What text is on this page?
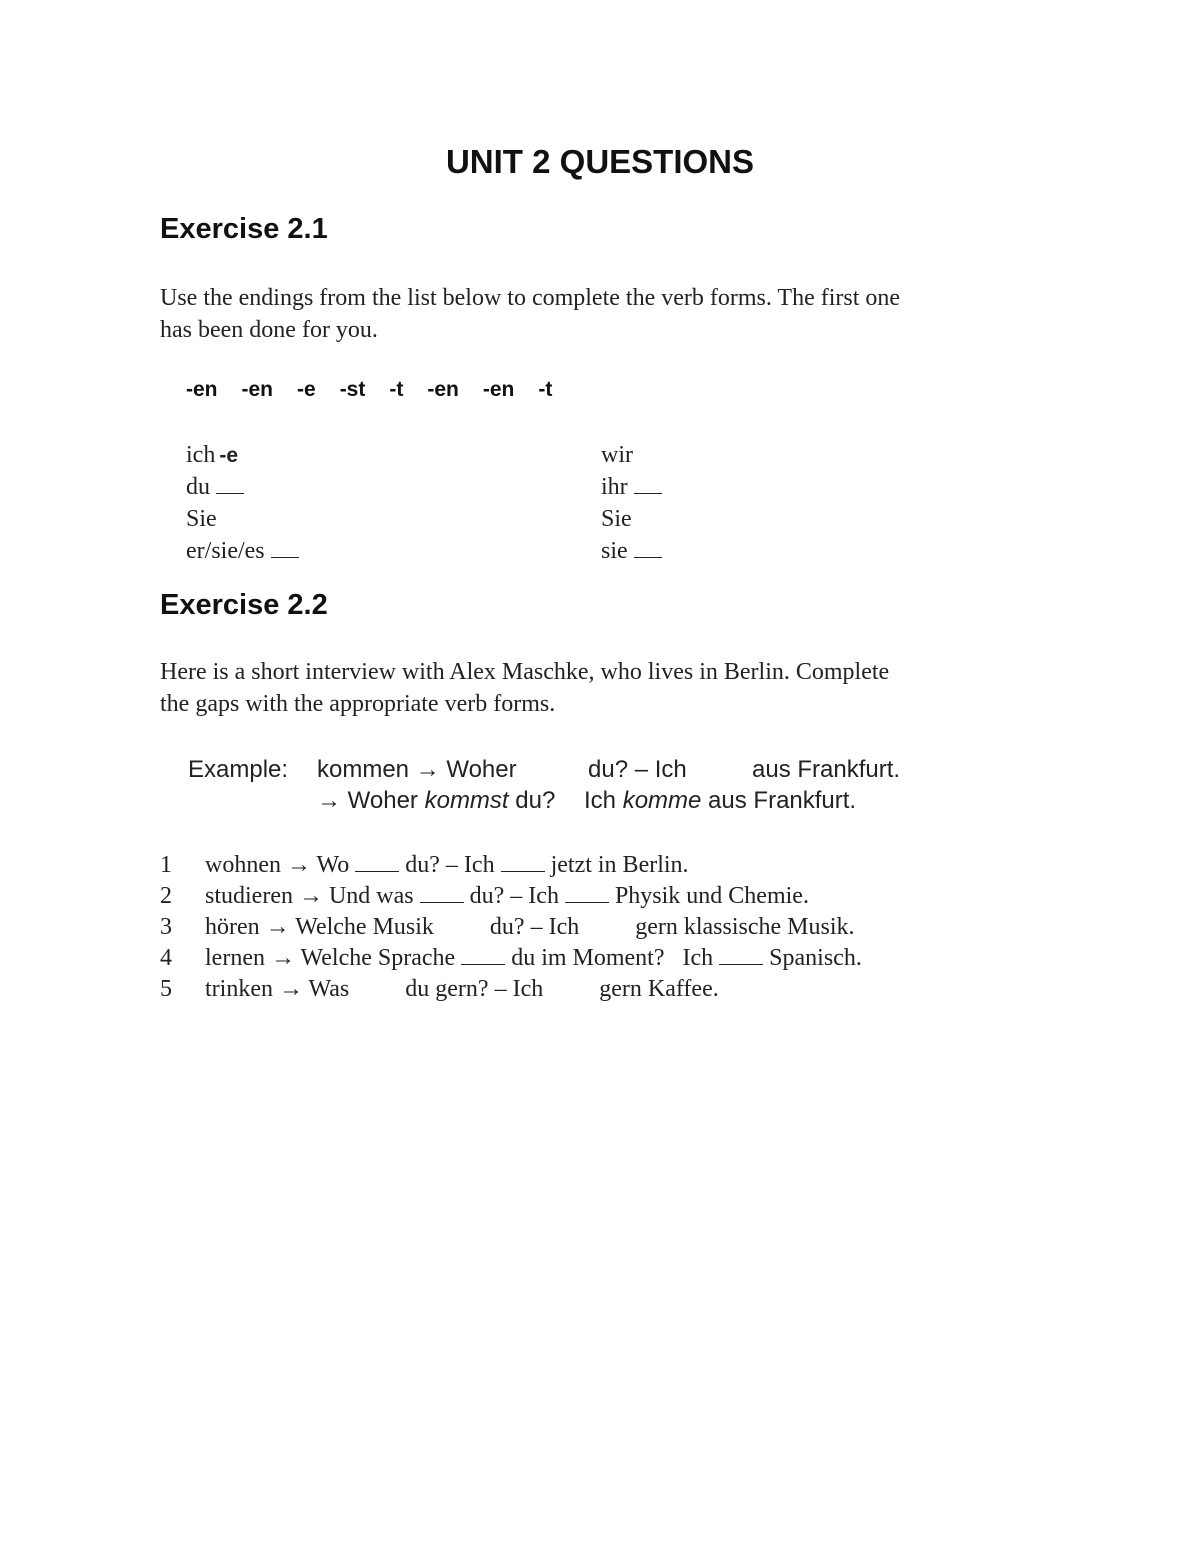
UNIT 2 QUESTIONS
Exercise 2.1
Use the endings from the list below to complete the verb forms. The first one
has been done for you.
-en -en -e -st -t -en -en -t
ich -e
du
Sie
er/sie/es
wir
ihr
Sie
sie
Exercise 2.2
Here is a short interview with Alex Maschke, who lives in Berlin. Complete
the gaps with the appropriate verb forms.
Example: kommen → Woher	du? – Ich	aus Frankfurt.
→ Woher kommst du? Ich komme aus Frankfurt.
1 wohnen → Wo du? – Ich jetzt in Berlin.
2 studieren → Und was du? – Ich Physik und Chemie.
3 hören → Welche Musik du? – Ich gern klassische Musik.
4 lernen → Welche Sprache du im Moment? Ich Spanisch.
5 trinken → Was du gern? – Ich gern Kaffee.
